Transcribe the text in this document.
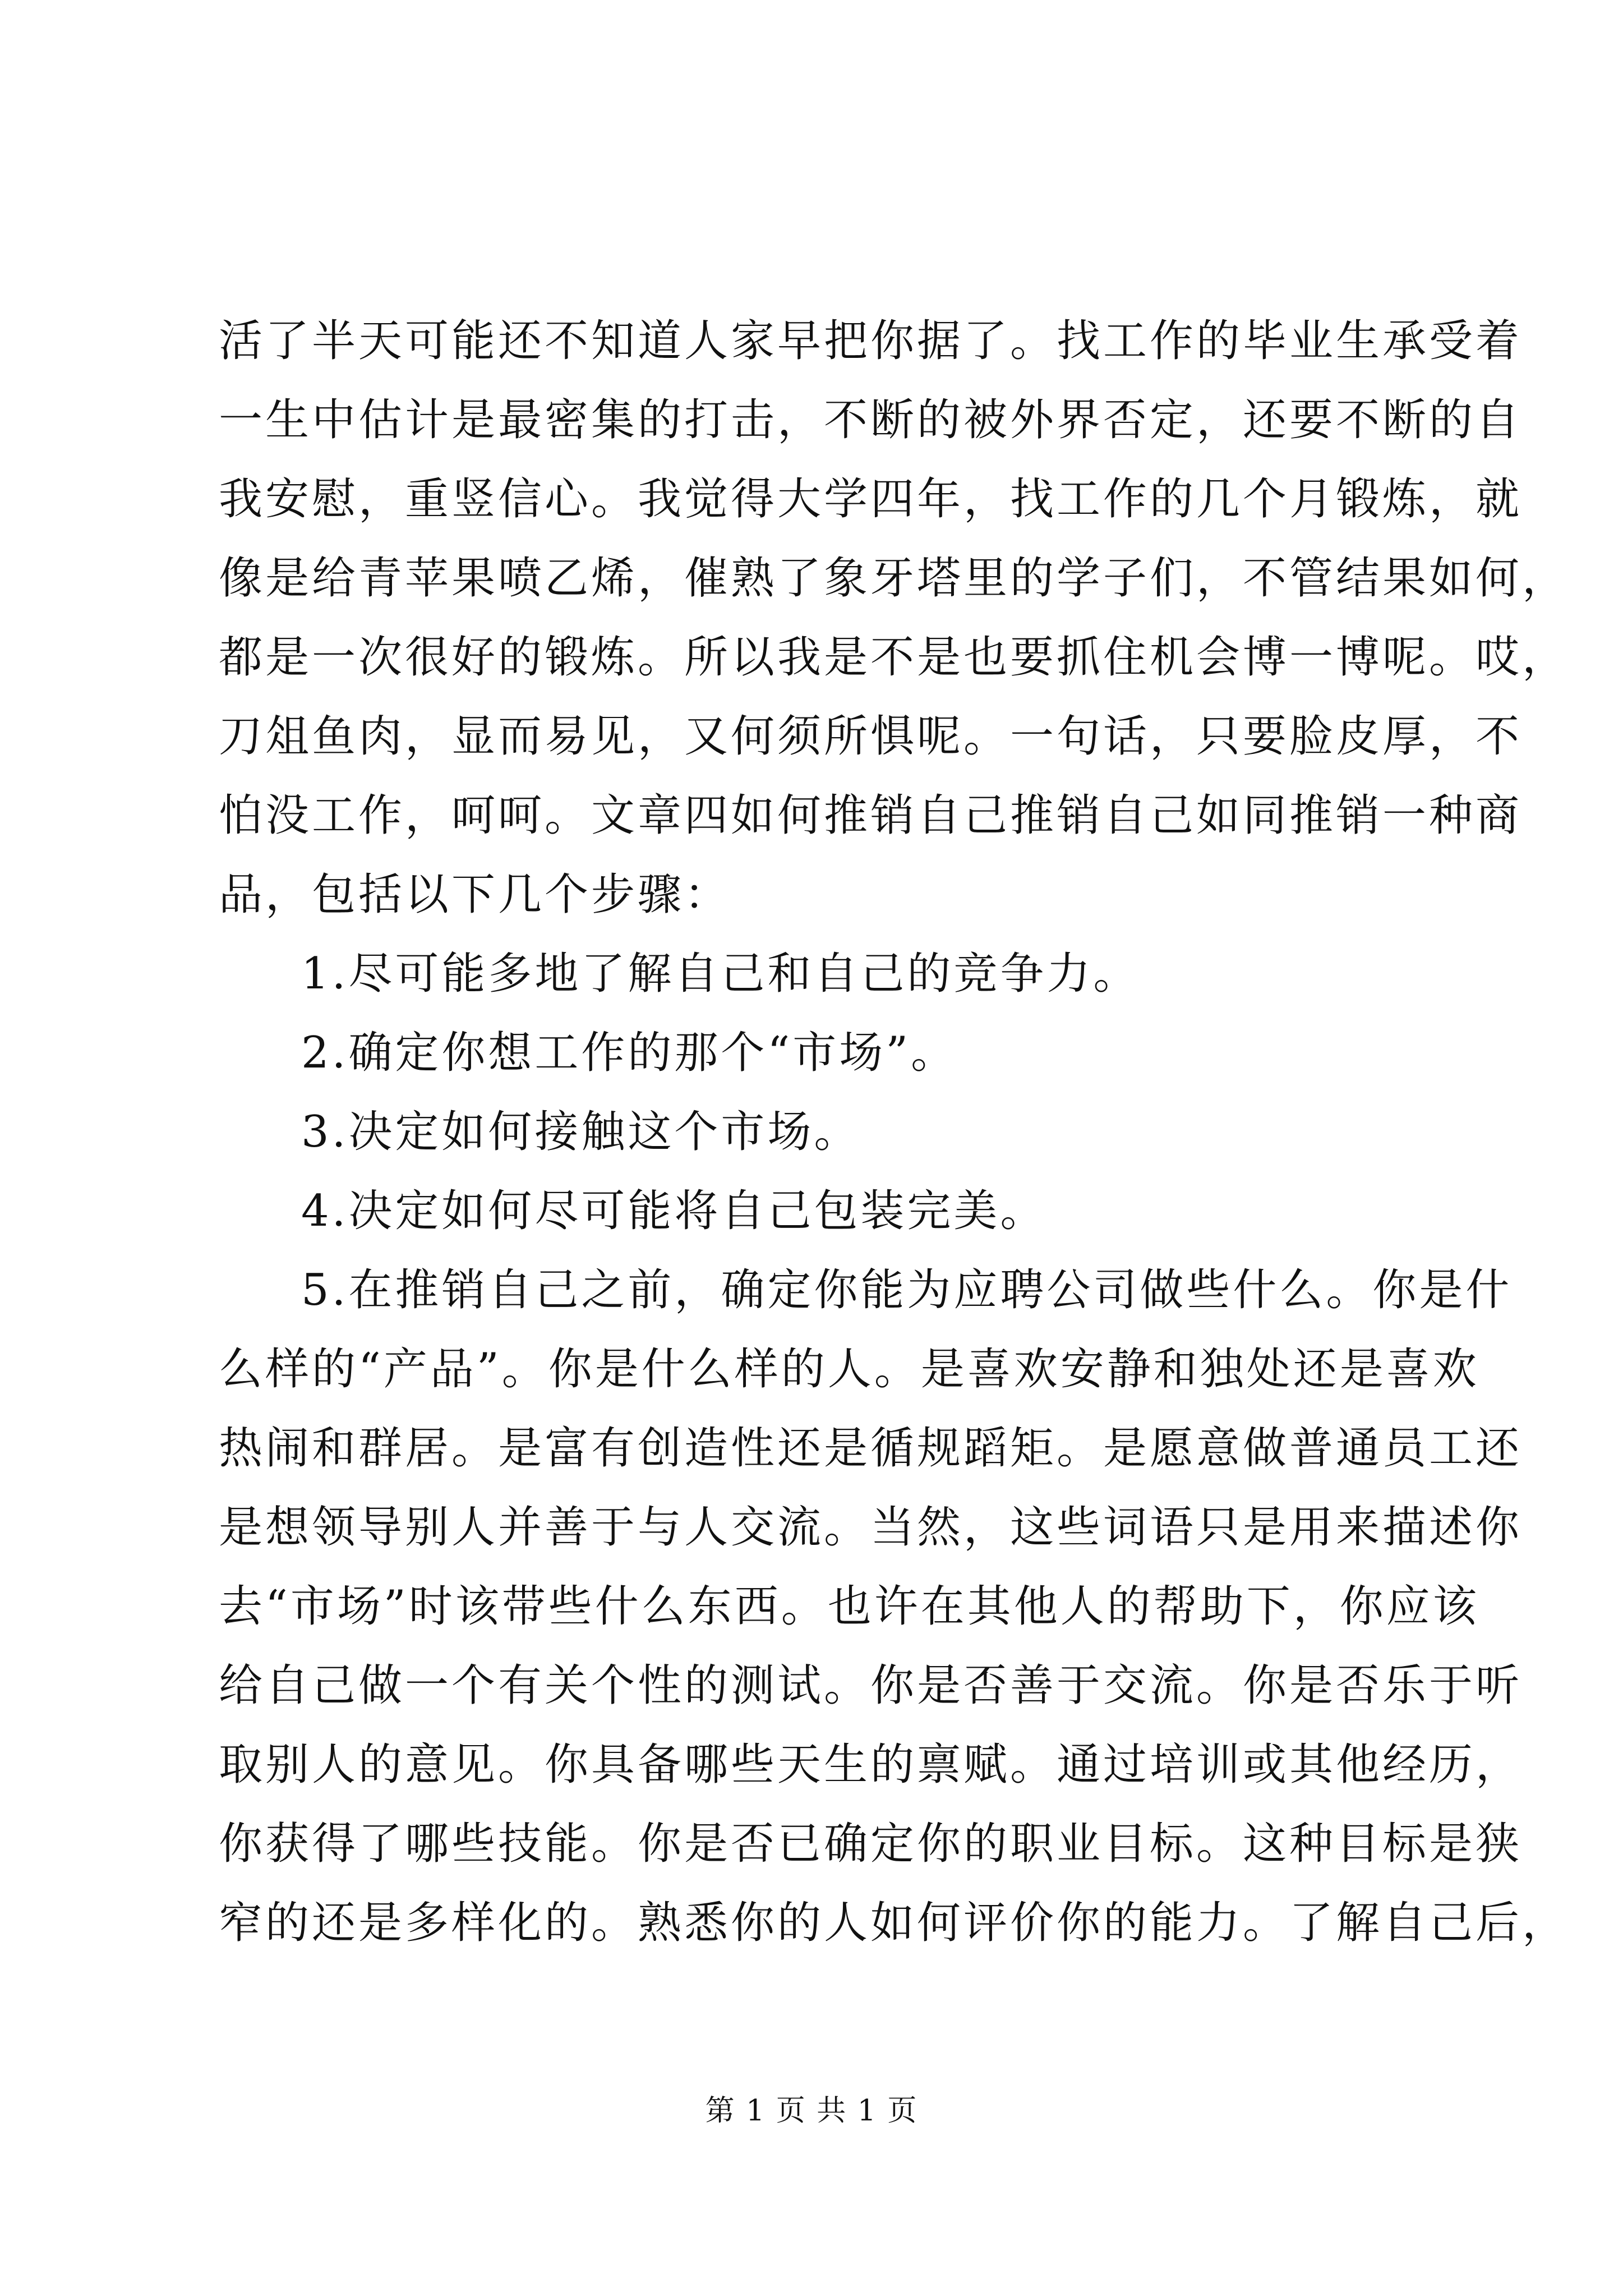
活了半天可能还不知道人家早把你据了。找工作的毕业生承受着
一生中估计是最密集的打击，不断的被外界否定，还要不断的自
我安慰，重竖信心。我觉得大学四年，找工作的几个月锻炼，就
像是给青苹果喷乙烯，催熟了象牙塔里的学子们，不管结果如何，
都是一次很好的锻炼。所以我是不是也要抓住机会博一博呢。哎，
刀俎鱼肉，显而易见，又何须所惧呢。一句话，只要脸皮厚，不
怕没工作，呵呵。文章四如何推销自己推销自己如同推销一种商
品，包括以下几个步骤：
1.尽可能多地了解自己和自己的竞争力。
2.确定你想工作的那个“市场”。
3.决定如何接触这个市场。
4.决定如何尽可能将自己包装完美。
5.在推销自己之前，确定你能为应聘公司做些什么。你是什
么样的“产品”。你是什么样的人。是喜欢安静和独处还是喜欢
热闹和群居。是富有创造性还是循规蹈矩。是愿意做普通员工还
是想领导别人并善于与人交流。当然，这些词语只是用来描述你
去“市场”时该带些什么东西。也许在其他人的帮助下，你应该
给自己做一个有关个性的测试。你是否善于交流。你是否乐于听
取别人的意见。你具备哪些天生的禀赋。通过培训或其他经历，
你获得了哪些技能。你是否已确定你的职业目标。这种目标是狭
窄的还是多样化的。熟悉你的人如何评价你的能力。了解自己后，
第 1 页 共 1 页
